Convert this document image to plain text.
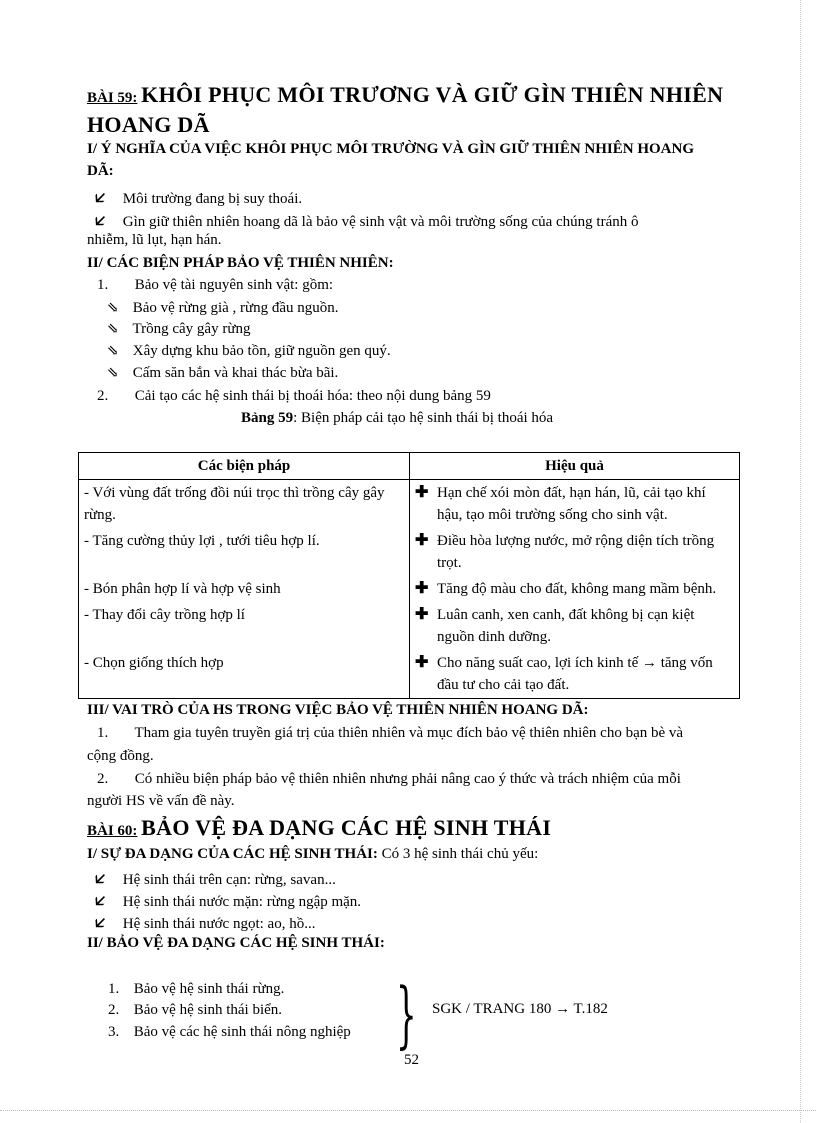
BÀI 59: KHÔI PHỤC MÔI TRƯƠNG VÀ GIỮ GÌN THIÊN NHIÊN
HOANG DÃ
I/ Ý NGHĨA CỦA VIỆC KHÔI PHỤC MÔI TRƯỜNG VÀ GÌN GIỮ THIÊN NHIÊN HOANG
DÃ:
🡧 Môi trường đang bị suy thoái.
🡧 Gìn giữ thiên nhiên hoang dã là bảo vệ sinh vật và môi trường sống của chúng tránh ô
nhiễm, lũ lụt, hạn hán.
II/ CÁC BIỆN PHÁP BẢO VỆ THIÊN NHIÊN:
1. Bảo vệ tài nguyên sinh vật: gồm:
⇘ Bảo vệ rừng già , rừng đầu nguồn.
⇘ Trồng cây gây rừng
⇘ Xây dựng khu bảo tồn, giữ nguồn gen quý.
⇘ Cấm săn bắn và khai thác bừa bãi.
2. Cải tạo các hệ sinh thái bị thoái hóa: theo nội dung bảng 59
Bảng 59: Biện pháp cải tạo hệ sinh thái bị thoái hóa
Các biện pháp	Hiệu quả
- Với vùng đất trống đồi núi trọc thì trồng cây gây rừng.	✚ Hạn chế xói mòn đất, hạn hán, lũ, cải tạo khí hậu, tạo môi trường sống cho sinh vật.

- Tăng cường thủy lợi , tưới tiêu hợp lí.	✚ Điều hòa lượng nước, mở rộng diện tích trồng trọt.

- Bón phân hợp lí và hợp vệ sinh	✚ Tăng độ màu cho đất, không mang mầm bệnh.

- Thay đổi cây trồng hợp lí	✚ Luân canh, xen canh, đất không bị cạn kiệt nguồn dinh dưỡng.

- Chọn giống thích hợp	✚ Cho năng suất cao, lợi ích kinh tế → tăng vốn đầu tư cho cải tạo đất.
III/ VAI TRÒ CỦA HS TRONG VIỆC BẢO VỆ THIÊN NHIÊN HOANG DÃ:
1. Tham gia tuyên truyền giá trị của thiên nhiên và mục đích bảo vệ thiên nhiên cho bạn bè và
cộng đồng.
2. Có nhiều biện pháp bảo vệ thiên nhiên nhưng phải nâng cao ý thức và trách nhiệm của mỗi
người HS về vấn đề này.
BÀI 60: BẢO VỆ ĐA DẠNG CÁC HỆ SINH THÁI
I/ SỰ ĐA DẠNG CỦA CÁC HỆ SINH THÁI: Có 3 hệ sinh thái chủ yếu:
🡧 Hệ sinh thái trên cạn: rừng, savan...
🡧 Hệ sinh thái nước mặn: rừng ngập mặn.
🡧 Hệ sinh thái nước ngọt: ao, hồ...
II/ BẢO VỆ ĐA DẠNG CÁC HỆ SINH THÁI:
1. Bảo vệ hệ sinh thái rừng.
2. Bảo vệ hệ sinh thái biển.
3. Bảo vệ các hệ sinh thái nông nghiệp } SGK / TRANG 180 → T.182
52
